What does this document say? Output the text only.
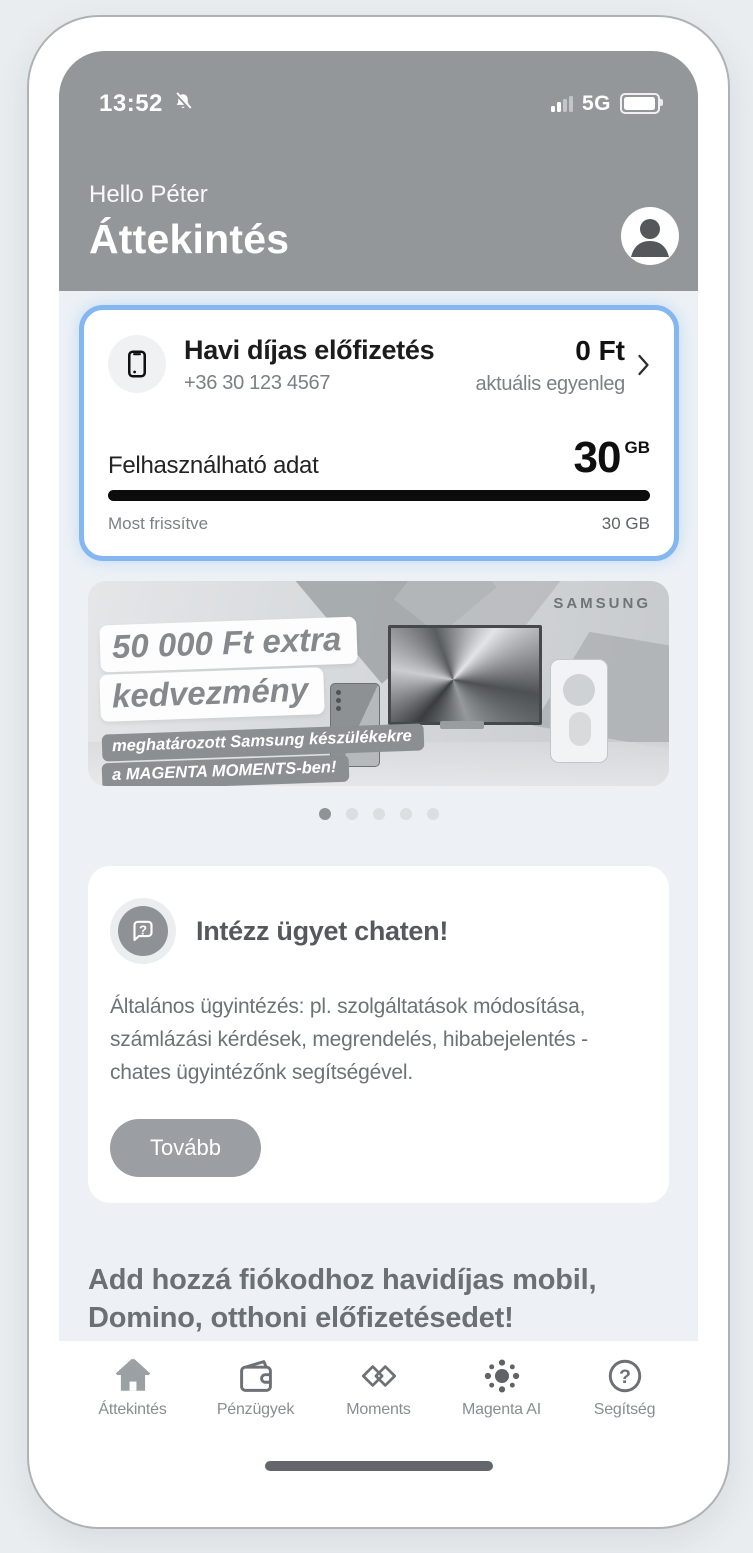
13:52	5G
Hello Péter
Áttekintés
Havi díjas előfizetés
+36 30 123 4567
0 Ft
aktuális egyenleg
Felhasználható adat	30 GB
Most frissítve	30 GB
SAMSUNG
50 000 Ft extra
kedvezmény
meghatározott Samsung készülékekre
a MAGENTA MOMENTS-ben!
? Intézz ügyet chaten!
Általános ügyintézés: pl. szolgáltatások módosítása, számlázási kérdések, megrendelés, hibabejelentés - chates ügyintézőnk segítségével.
Tovább
Add hozzá fiókodhoz havidíjas mobil, Domino, otthoni előfizetésedet!
Áttekintés	Pénzügyek	Moments	Magenta AI
?
Segítség
